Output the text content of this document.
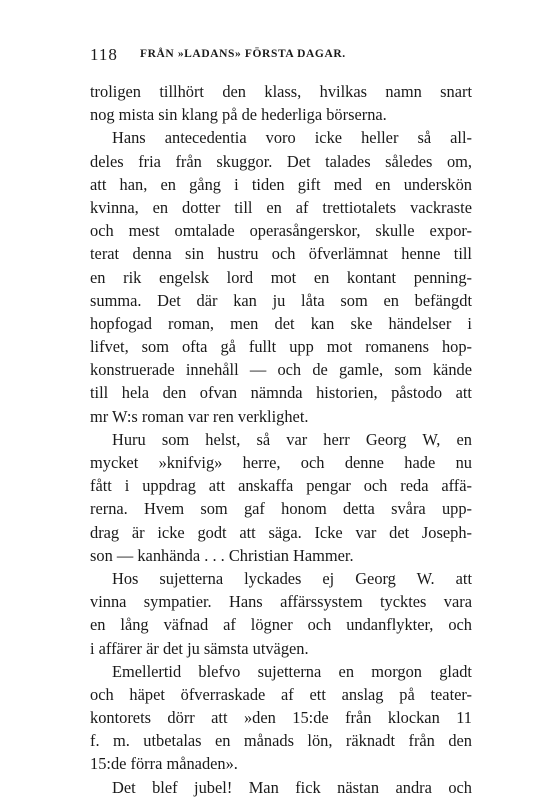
118 FRÅN »LADANS» FÖRSTA DAGAR.
troligen tillhört den klass, hvilkas namn snart
nog mista sin klang på de hederliga börserna.
Hans antecedentia voro icke heller så all-
deles fria från skuggor. Det talades således om,
att han, en gång i tiden gift med en underskön
kvinna, en dotter till en af trettiotalets vackraste
och mest omtalade operasångerskor, skulle expor-
terat denna sin hustru och öfverlämnat henne till
en rik engelsk lord mot en kontant penning-
summa. Det där kan ju låta som en befängdt
hopfogad roman, men det kan ske händelser i
lifvet, som ofta gå fullt upp mot romanens hop-
konstruerade innehåll — och de gamle, som kände
till hela den ofvan nämnda historien, påstodo att
mr W:s roman var ren verklighet.
Huru som helst, så var herr Georg W, en
mycket »knifvig» herre, och denne hade nu
fått i uppdrag att anskaffa pengar och reda affä-
rerna. Hvem som gaf honom detta svåra upp-
drag är icke godt att säga. Icke var det Joseph-
son — kanhända . . . Christian Hammer.
Hos sujetterna lyckades ej Georg W. att
vinna sympatier. Hans affärssystem tycktes vara
en lång väfnad af lögner och undanflykter, och
i affärer är det ju sämsta utvägen.
Emellertid blefvo sujetterna en morgon gladt
och häpet öfverraskade af ett anslag på teater-
kontorets dörr att »den 15:de från klockan 11
f. m. utbetalas en månads lön, räknadt från den
15:de förra månaden».
Det blef jubel! Man fick nästan andra och
